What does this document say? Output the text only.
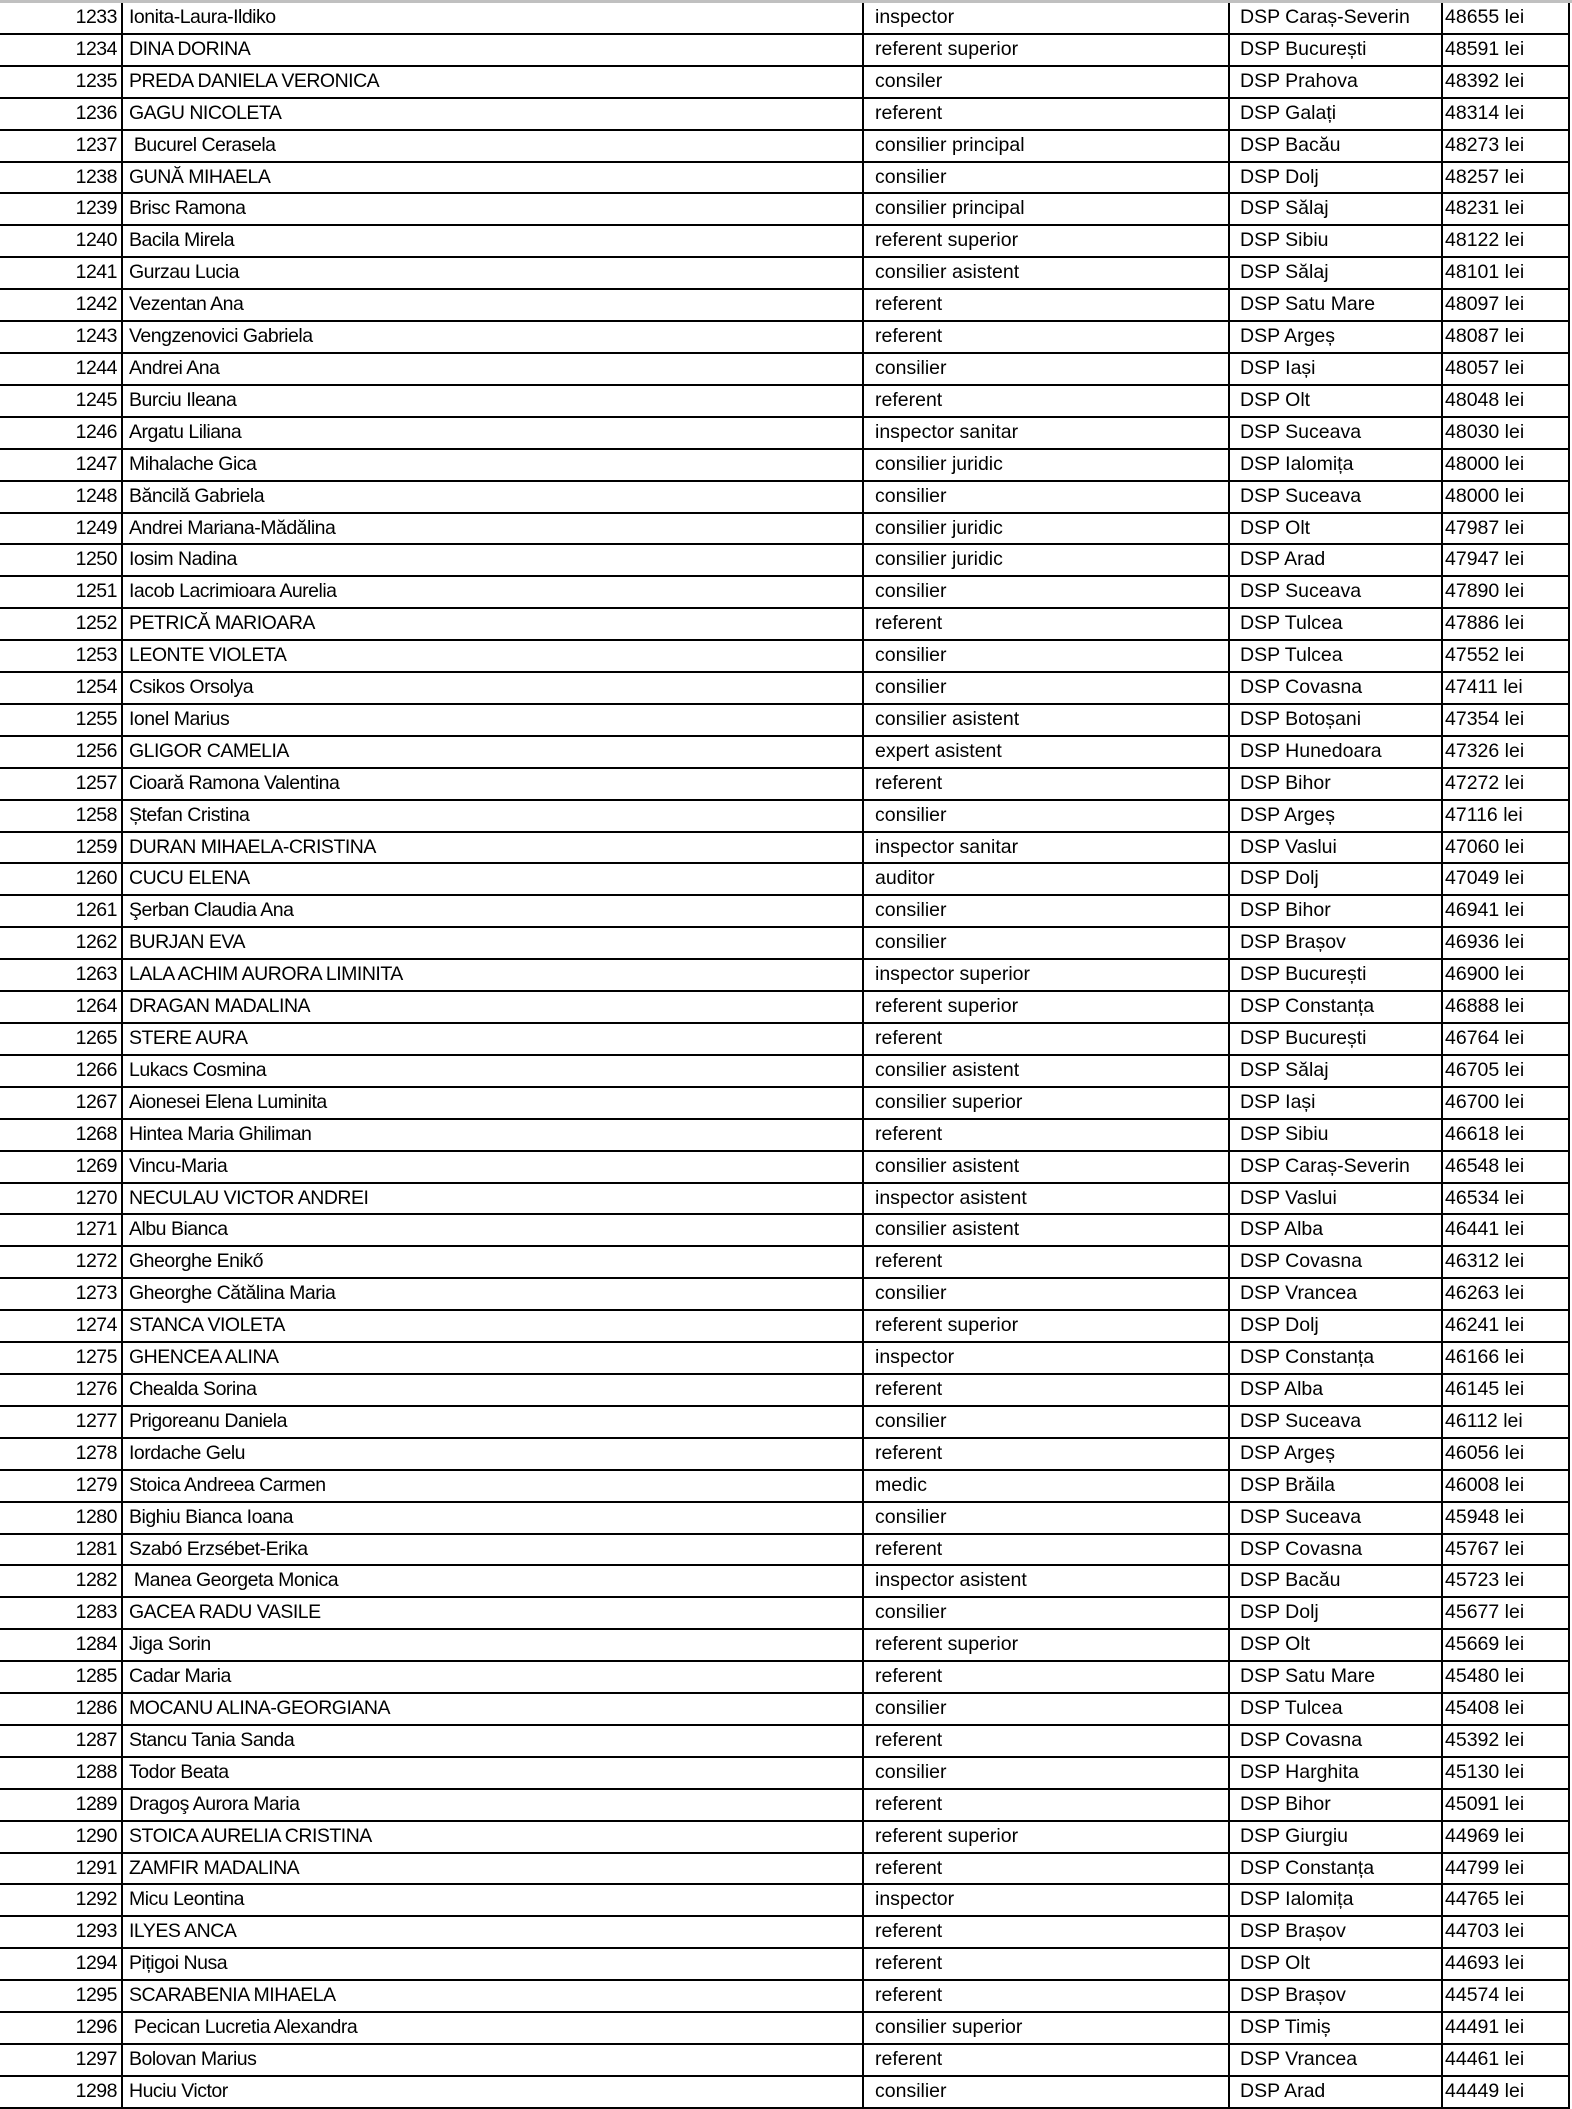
1233	Ionita-Laura-Ildiko	inspector	DSP Caraș-Severin	48655 lei
1234	DINA DORINA	referent superior	DSP București	48591 lei
1235	PREDA DANIELA VERONICA	consiler	DSP Prahova	48392 lei
1236	GAGU NICOLETA	referent	DSP Galați	48314 lei
1237	Bucurel Cerasela	consilier principal	DSP Bacău	48273 lei
1238	GUNĂ MIHAELA	consilier	DSP Dolj	48257 lei
1239	Brisc Ramona	consilier principal	DSP Sălaj	48231 lei
1240	Bacila Mirela	referent superior	DSP Sibiu	48122 lei
1241	Gurzau Lucia	consilier asistent	DSP Sălaj	48101 lei
1242	Vezentan Ana	referent	DSP Satu Mare	48097 lei
1243	Vengzenovici Gabriela	referent	DSP Argeș	48087 lei
1244	Andrei Ana	consilier	DSP Iași	48057 lei
1245	Burciu Ileana	referent	DSP Olt	48048 lei
1246	Argatu Liliana	inspector sanitar	DSP Suceava	48030 lei
1247	Mihalache Gica	consilier juridic	DSP Ialomița	48000 lei
1248	Băncilă Gabriela	consilier	DSP Suceava	48000 lei
1249	Andrei Mariana-Mădălina	consilier juridic	DSP Olt	47987 lei
1250	Iosim Nadina	consilier juridic	DSP Arad	47947 lei
1251	Iacob Lacrimioara Aurelia	consilier	DSP Suceava	47890 lei
1252	PETRICĂ MARIOARA	referent	DSP Tulcea	47886 lei
1253	LEONTE VIOLETA	consilier	DSP Tulcea	47552 lei
1254	Csikos Orsolya	consilier	DSP Covasna	47411 lei
1255	Ionel Marius	consilier asistent	DSP Botoșani	47354 lei
1256	GLIGOR CAMELIA	expert asistent	DSP Hunedoara	47326 lei
1257	Cioară Ramona Valentina	referent	DSP Bihor	47272 lei
1258	Ștefan Cristina	consilier	DSP Argeș	47116 lei
1259	DURAN MIHAELA-CRISTINA	inspector sanitar	DSP Vaslui	47060 lei
1260	CUCU ELENA	auditor	DSP Dolj	47049 lei
1261	Şerban Claudia Ana	consilier	DSP Bihor	46941 lei
1262	BURJAN EVA	consilier	DSP Brașov	46936 lei
1263	LALA ACHIM AURORA LIMINITA	inspector superior	DSP București	46900 lei
1264	DRAGAN MADALINA	referent superior	DSP Constanța	46888 lei
1265	STERE AURA	referent	DSP București	46764 lei
1266	Lukacs Cosmina	consilier asistent	DSP Sălaj	46705 lei
1267	Aionesei Elena Luminita	consilier superior	DSP Iași	46700 lei
1268	Hintea Maria Ghiliman	referent	DSP Sibiu	46618 lei
1269	Vincu-Maria	consilier asistent	DSP Caraș-Severin	46548 lei
1270	NECULAU VICTOR ANDREI	inspector asistent	DSP Vaslui	46534 lei
1271	Albu Bianca	consilier asistent	DSP Alba	46441 lei
1272	Gheorghe Enikő	referent	DSP Covasna	46312 lei
1273	Gheorghe Cătălina Maria	consilier	DSP Vrancea	46263 lei
1274	STANCA VIOLETA	referent superior	DSP Dolj	46241 lei
1275	GHENCEA ALINA	inspector	DSP Constanța	46166 lei
1276	Chealda Sorina	referent	DSP Alba	46145 lei
1277	Prigoreanu Daniela	consilier	DSP Suceava	46112 lei
1278	Iordache Gelu	referent	DSP Argeș	46056 lei
1279	Stoica Andreea Carmen	medic	DSP Brăila	46008 lei
1280	Bighiu Bianca Ioana	consilier	DSP Suceava	45948 lei
1281	Szabó Erzsébet-Erika	referent	DSP Covasna	45767 lei
1282	Manea Georgeta Monica	inspector asistent	DSP Bacău	45723 lei
1283	GACEA RADU VASILE	consilier	DSP Dolj	45677 lei
1284	Jiga Sorin	referent superior	DSP Olt	45669 lei
1285	Cadar Maria	referent	DSP Satu Mare	45480 lei
1286	MOCANU ALINA-GEORGIANA	consilier	DSP Tulcea	45408 lei
1287	Stancu Tania Sanda	referent	DSP Covasna	45392 lei
1288	Todor Beata	consilier	DSP Harghita	45130 lei
1289	Dragoş Aurora Maria	referent	DSP Bihor	45091 lei
1290	STOICA AURELIA CRISTINA	referent superior	DSP Giurgiu	44969 lei
1291	ZAMFIR MADALINA	referent	DSP Constanța	44799 lei
1292	Micu Leontina	inspector	DSP Ialomița	44765 lei
1293	ILYES ANCA	referent	DSP Brașov	44703 lei
1294	Pițigoi Nusa	referent	DSP Olt	44693 lei
1295	SCARABENIA MIHAELA	referent	DSP Brașov	44574 lei
1296	Pecican Lucretia Alexandra	consilier superior	DSP Timiș	44491 lei
1297	Bolovan Marius	referent	DSP Vrancea	44461 lei
1298	Huciu Victor	consilier	DSP Arad	44449 lei
